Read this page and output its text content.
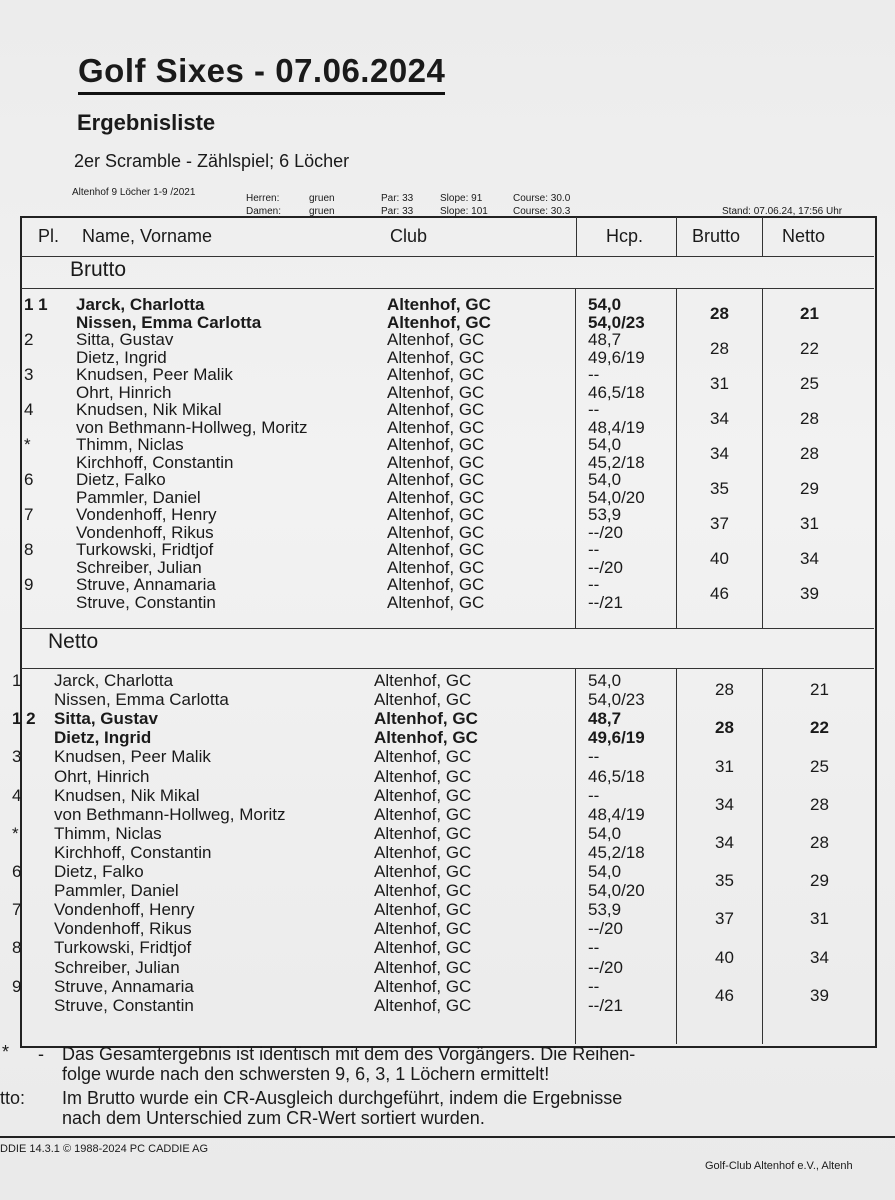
Golf Sixes - 07.06.2024
Ergebnisliste
2er Scramble - Zählspiel; 6 Löcher
Altenhof 9 Löcher 1-9 /2021
Herren:	gruen	Par: 33	Slope: 91	Course: 30.0
Damen:	gruen	Par: 33	Slope: 101	Course: 30.3	Stand: 07.06.24, 17:56 Uhr
Pl. Name, Vorname	Club	Hcp.	Brutto Netto
Brutto
1 1 Jarck, Charlotta	Altenhof, GC	54,0
Nissen, Emma Carlotta	Altenhof, GC	54,0/23	28	21
2	Sitta, Gustav	Altenhof, GC	48,7
Dietz, Ingrid	Altenhof, GC	49,6/19	28	22
3	Knudsen, Peer Malik	Altenhof, GC	--
Ohrt, Hinrich	Altenhof, GC	46,5/18	31	25
4	Knudsen, Nik Mikal	Altenhof, GC	--
von Bethmann-Hollweg, Moritz	Altenhof, GC	48,4/19	34	28
*	Thimm, Niclas	Altenhof, GC	54,0
Kirchhoff, Constantin	Altenhof, GC	45,2/18	34	28
6	Dietz, Falko	Altenhof, GC	54,0
Pammler, Daniel	Altenhof, GC	54,0/20	35	29
7	Vondenhoff, Henry	Altenhof, GC	53,9
Vondenhoff, Rikus	Altenhof, GC	--/20	37	31
8	Turkowski, Fridtjof	Altenhof, GC	--
Schreiber, Julian	Altenhof, GC	--/20	40	34
9	Struve, Annamaria	Altenhof, GC	--
Struve, Constantin	Altenhof, GC	--/21	46	39
Netto
1 Jarck, Charlotta	Altenhof, GC	54,0
Nissen, Emma Carlotta	Altenhof, GC	54,0/23
28	21
1 2 Sitta, Gustav	Altenhof, GC	48,7
Dietz, Ingrid	Altenhof, GC	49,6/19
28	22
3 Knudsen, Peer Malik	Altenhof, GC	--
Ohrt, Hinrich	Altenhof, GC	46,5/18
31	25
4 Knudsen, Nik Mikal	Altenhof, GC	--
von Bethmann-Hollweg, Moritz	Altenhof, GC	48,4/19
34	28
* Thimm, Niclas	Altenhof, GC	54,0
Kirchhoff, Constantin	Altenhof, GC	45,2/18
34	28
6 Dietz, Falko	Altenhof, GC	54,0
Pammler, Daniel	Altenhof, GC	54,0/20
35	29
7 Vondenhoff, Henry	Altenhof, GC	53,9
Vondenhoff, Rikus	Altenhof, GC	--/20
37	31
8 Turkowski, Fridtjof	Altenhof, GC	--
Schreiber, Julian	Altenhof, GC	--/20
40	34
9 Struve, Annamaria	Altenhof, GC	--
Struve, Constantin	Altenhof, GC	--/21
46	39
* - Das Gesamtergebnis ist identisch mit dem des Vorgängers. Die Reihen-
folge wurde nach den schwersten 9, 6, 3, 1 Löchern ermittelt!
tto: Im Brutto wurde ein CR-Ausgleich durchgeführt, indem die Ergebnisse
nach dem Unterschied zum CR-Wert sortiert wurden.
DDIE 14.3.1 © 1988-2024 PC CADDIE AG
Golf-Club Altenhof e.V., Altenh
